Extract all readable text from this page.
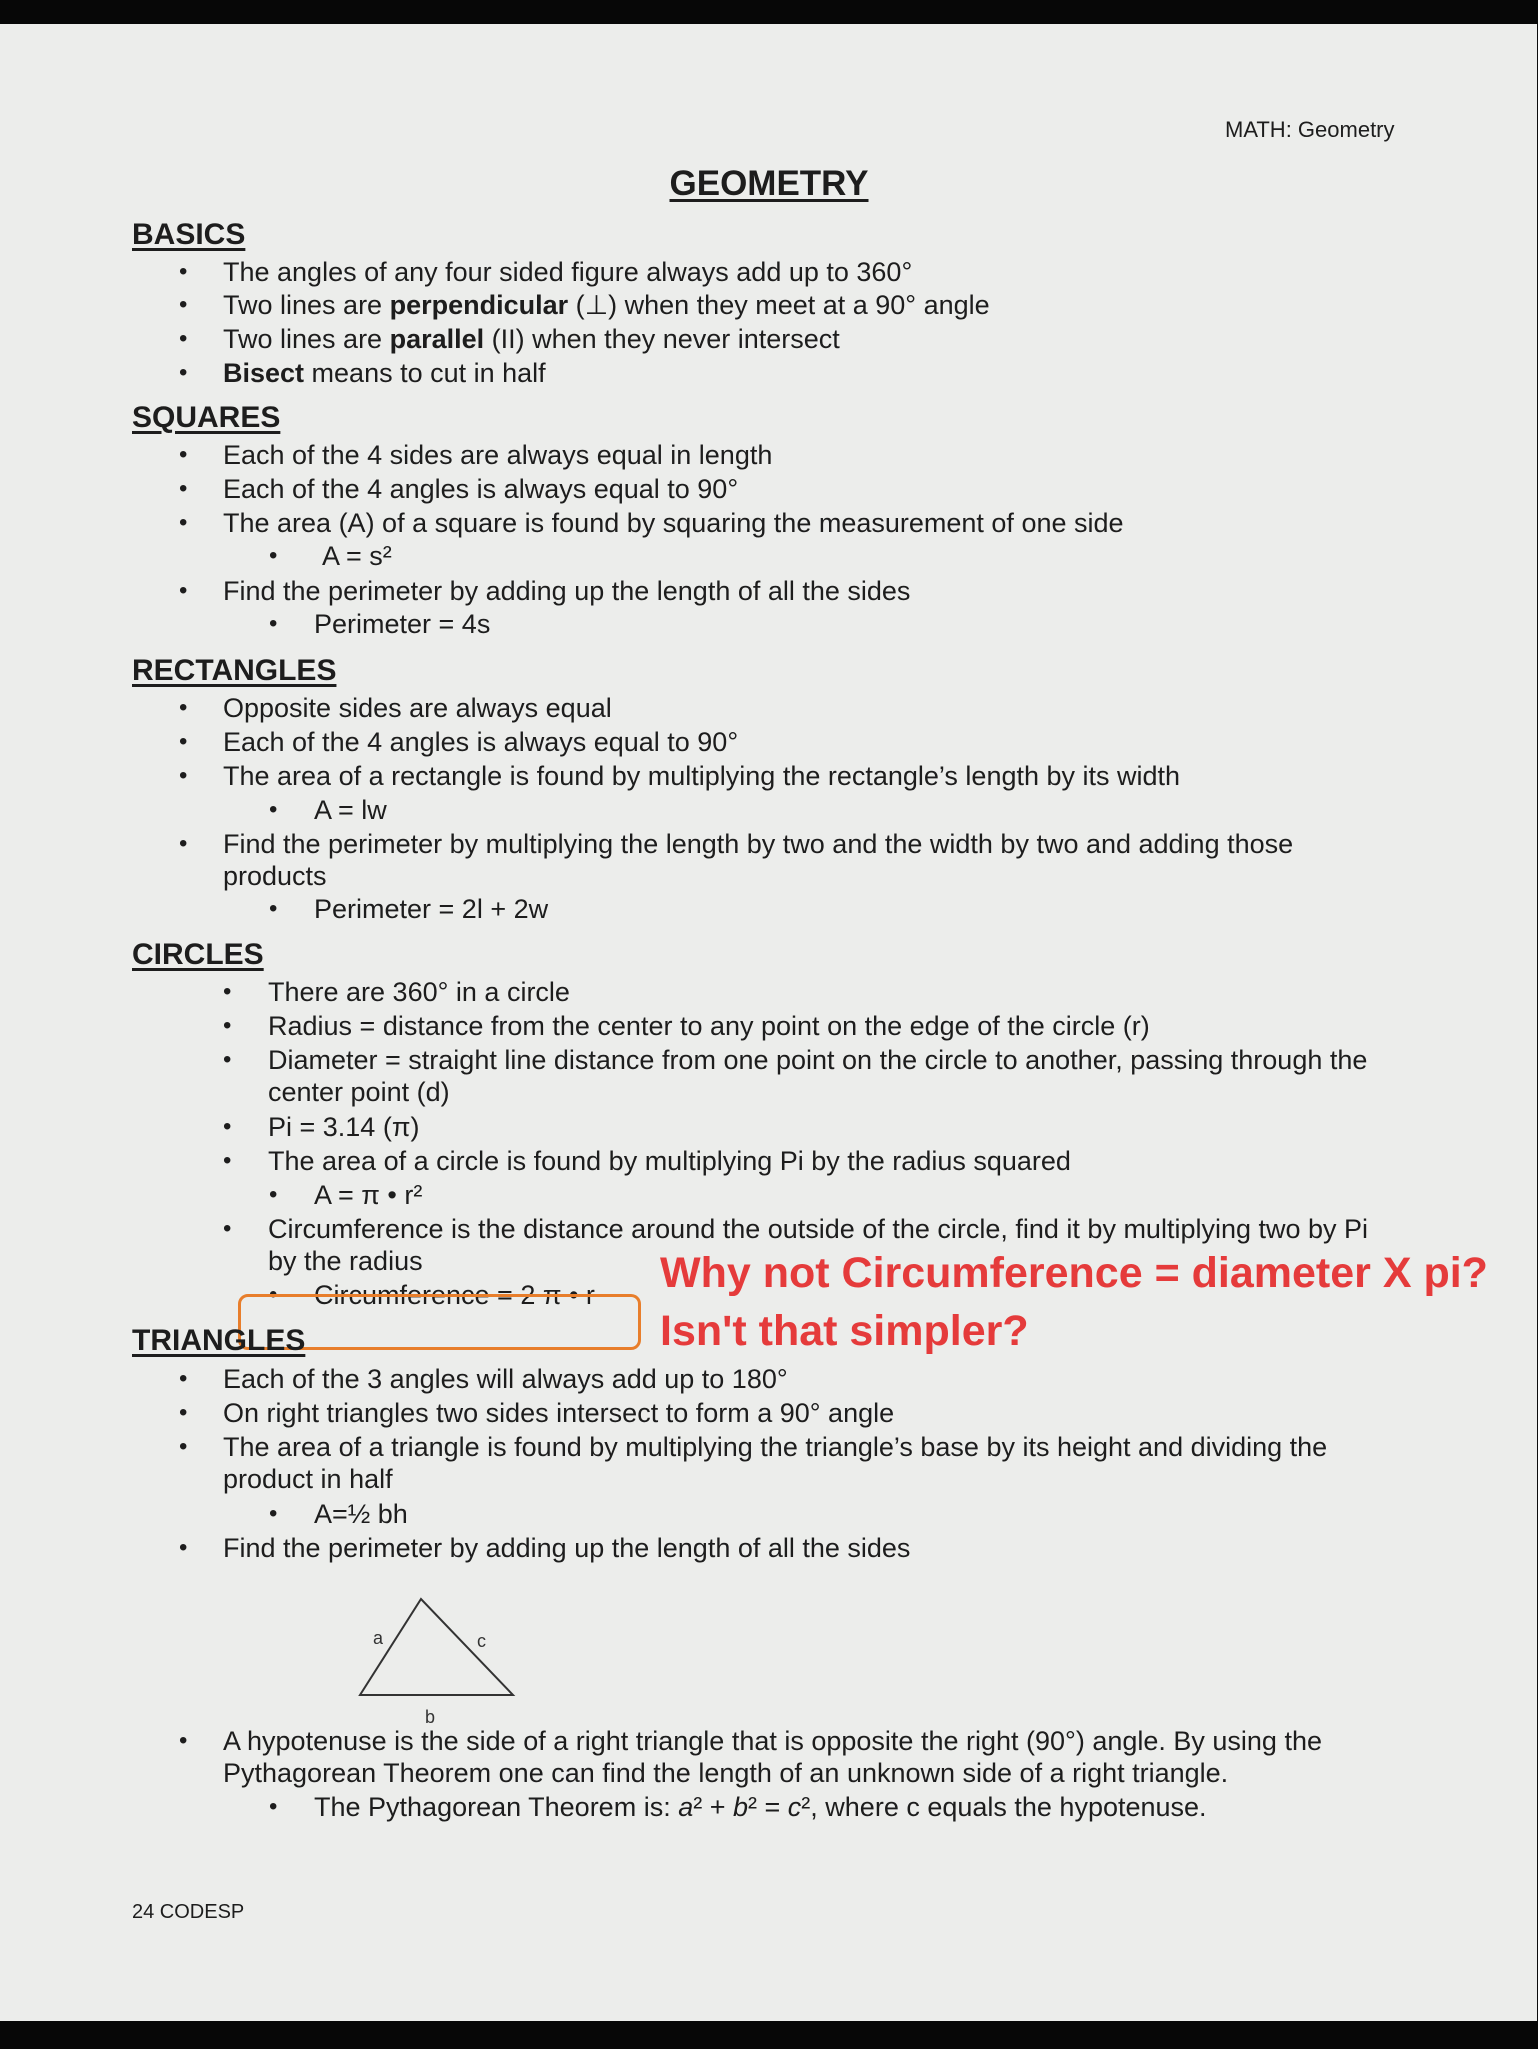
MATH: Geometry
GEOMETRY
BASICS
• The angles of any four sided figure always add up to 360°
• Two lines are perpendicular (⊥) when they meet at a 90° angle
• Two lines are parallel (II) when they never intersect
• Bisect means to cut in half
SQUARES
• Each of the 4 sides are always equal in length
• Each of the 4 angles is always equal to 90°
• The area (A) of a square is found by squaring the measurement of one side
• A = s²
• Find the perimeter by adding up the length of all the sides
• Perimeter = 4s
RECTANGLES
• Opposite sides are always equal
• Each of the 4 angles is always equal to 90°
• The area of a rectangle is found by multiplying the rectangle’s length by its width
• A = lw
• Find the perimeter by multiplying the length by two and the width by two and adding those
products
• Perimeter = 2l + 2w
CIRCLES
• There are 360° in a circle
• Radius = distance from the center to any point on the edge of the circle (r)
• Diameter = straight line distance from one point on the circle to another, passing through the
center point (d)
• Pi = 3.14 (π)
• The area of a circle is found by multiplying Pi by the radius squared
• A = π • r²
• Circumference is the distance around the outside of the circle, find it by multiplying two by Pi
by the radius
• Circumference = 2 π • r Why not Circumference = diameter X pi?
Isn't that simpler?
TRIANGLES
• Each of the 3 angles will always add up to 180°
• On right triangles two sides intersect to form a 90° angle
• The area of a triangle is found by multiplying the triangle’s base by its height and dividing the
product in half
• A=½ bh
• Find the perimeter by adding up the length of all the sides
a	c
b
• A hypotenuse is the side of a right triangle that is opposite the right (90°) angle. By using the
Pythagorean Theorem one can find the length of an unknown side of a right triangle.
• The Pythagorean Theorem is: a² + b² = c², where c equals the hypotenuse.
24 CODESP
